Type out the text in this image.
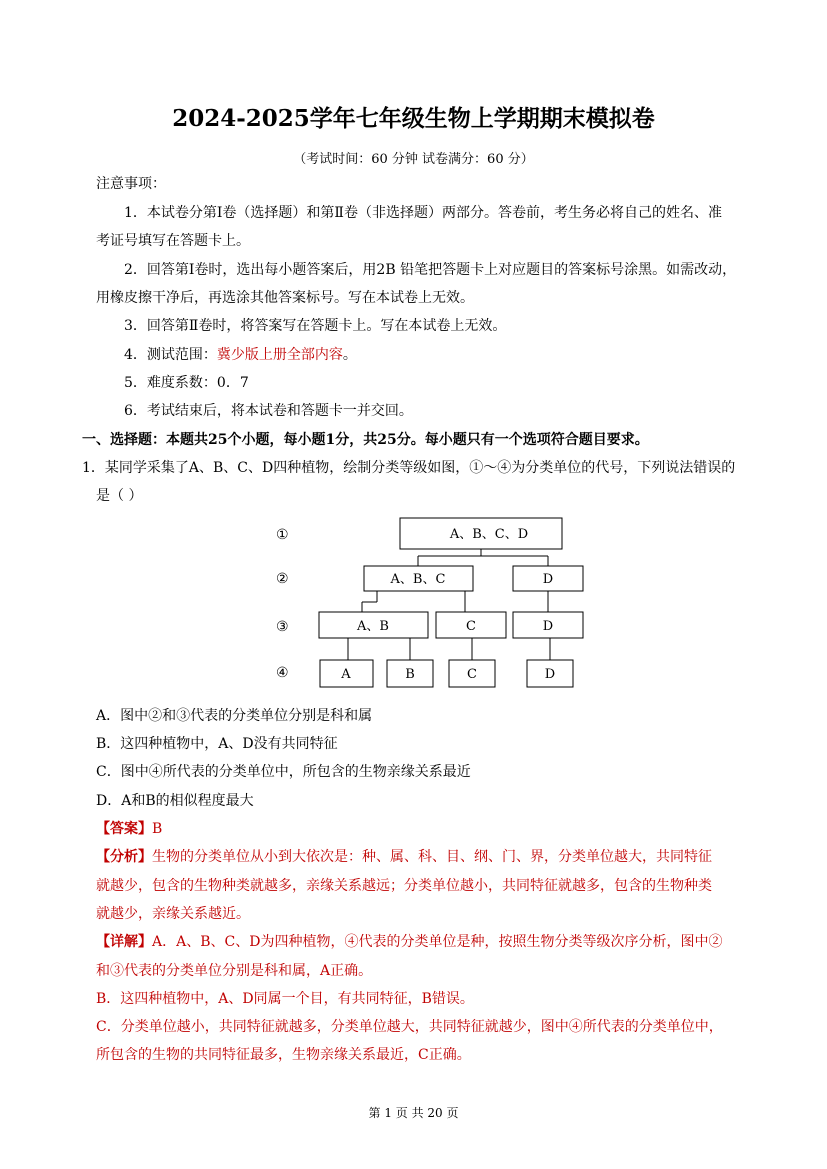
2024-2025学年七年级生物上学期期末模拟卷
（考试时间：60 分钟 试卷满分：60 分）
注意事项：
1．本试卷分第Ⅰ卷（选择题）和第Ⅱ卷（非选择题）两部分。答卷前，考生务必将自己的姓名、准
考证号填写在答题卡上。
2．回答第Ⅰ卷时，选出每小题答案后，用2B 铅笔把答题卡上对应题目的答案标号涂黑。如需改动，
用橡皮擦干净后，再选涂其他答案标号。写在本试卷上无效。
3．回答第Ⅱ卷时，将答案写在答题卡上。写在本试卷上无效。
4．测试范围：冀少版上册全部内容。
5．难度系数：0．7
6．考试结束后，将本试卷和答题卡一并交回。
一、选择题：本题共25个小题，每小题1分，共25分。每小题只有一个选项符合题目要求。
1．某同学采集了A、B、C、D四种植物，绘制分类等级如图，①～④为分类单位的代号，下列说法错误的
是（ ）
①
②
③
④
A、B、C、D
A、B、C	D
A、B	C	D
A	B	C	D
A．图中②和③代表的分类单位分别是科和属
B．这四种植物中，A、D没有共同特征
C．图中④所代表的分类单位中，所包含的生物亲缘关系最近
D．A和B的相似程度最大
【答案】B
【分析】生物的分类单位从小到大依次是：种、属、科、目、纲、门、界，分类单位越大，共同特征
就越少，包含的生物种类就越多，亲缘关系越远；分类单位越小，共同特征就越多，包含的生物种类
就越少，亲缘关系越近。
【详解】A．A、B、C、D为四种植物，④代表的分类单位是种，按照生物分类等级次序分析，图中②
和③代表的分类单位分别是科和属，A正确。
B．这四种植物中，A、D同属一个目，有共同特征，B错误。
C．分类单位越小，共同特征就越多，分类单位越大，共同特征就越少，图中④所代表的分类单位中，
所包含的生物的共同特征最多，生物亲缘关系最近，C正确。
第 1 页 共 20 页
